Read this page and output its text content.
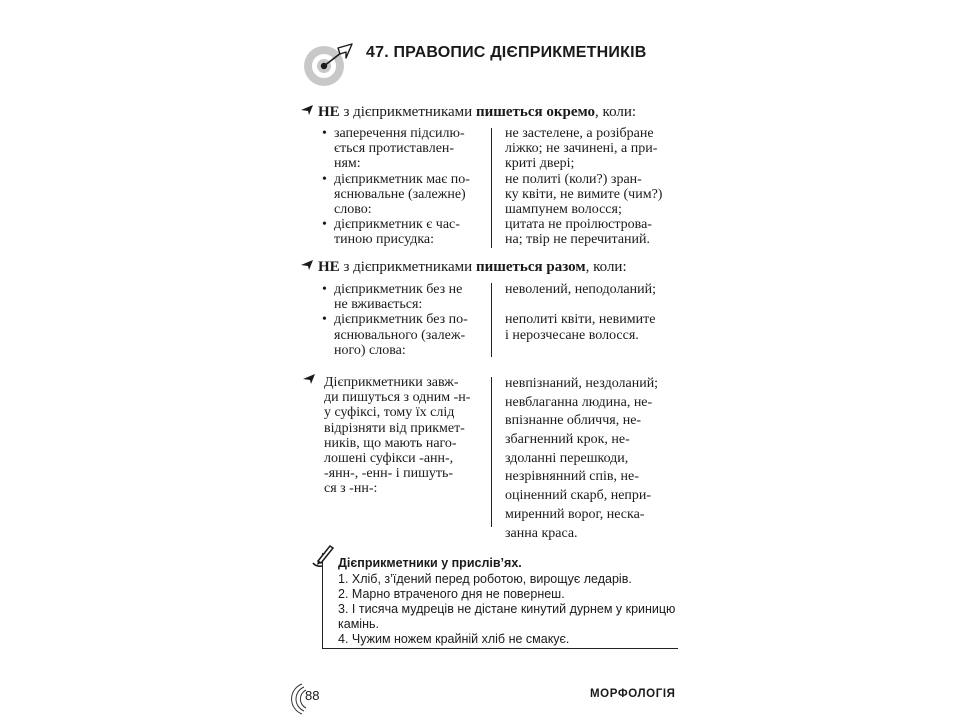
47. ПРАВОПИС ДІЄПРИКМЕТНИКІВ
НЕ з дієприкметниками пишеться окремо, коли:
• заперечення підсилю-
ється протиставлен-
ням:
• дієприкметник має по-
яснювальне (залежне)
слово:
• дієприкметник є час-
тиною присудка:
не застелене, а розібране
ліжко; не зачинені, а при-
криті двері;
не политі (коли?) зран-
ку квіти, не вимите (чим?)
шампунем волосся;
цитата не проілюстрова-
на; твір не перечитаний.
НЕ з дієприкметниками пишеться разом, коли:
• дієприкметник без не
не вживається:
• дієприкметник без по-
яснювального (залеж-
ного) слова:
неволений, неподоланий;
неполиті квіти, невимите
і нерозчесане волосся.
Дієприкметники завж-
ди пишуться з одним -н-
у суфіксі, тому їх слід
відрізняти від прикмет-
ників, що мають наго-
лошені суфікси -анн-,
-янн-, -енн- і пишуть-
ся з -нн-:
невпізнаний, нездоланий;
невблаганна людина, не-
впізнанне обличчя, не-
збагненний крок, не-
здоланні перешкоди,
незрівнянний спів, не-
оціненний скарб, непри-
миренний ворог, неска-
занна краса.
Дієприкметники у прислів’ях.
1. Хліб, з’їдений перед роботою, вирощує ледарів.
2. Марно втраченого дня не повернеш.
3. І тисяча мудреців не дістане кинутий дурнем у криницю
камінь.
4. Чужим ножем крайній хліб не смакує.
88	МОРФОЛОГІЯ
